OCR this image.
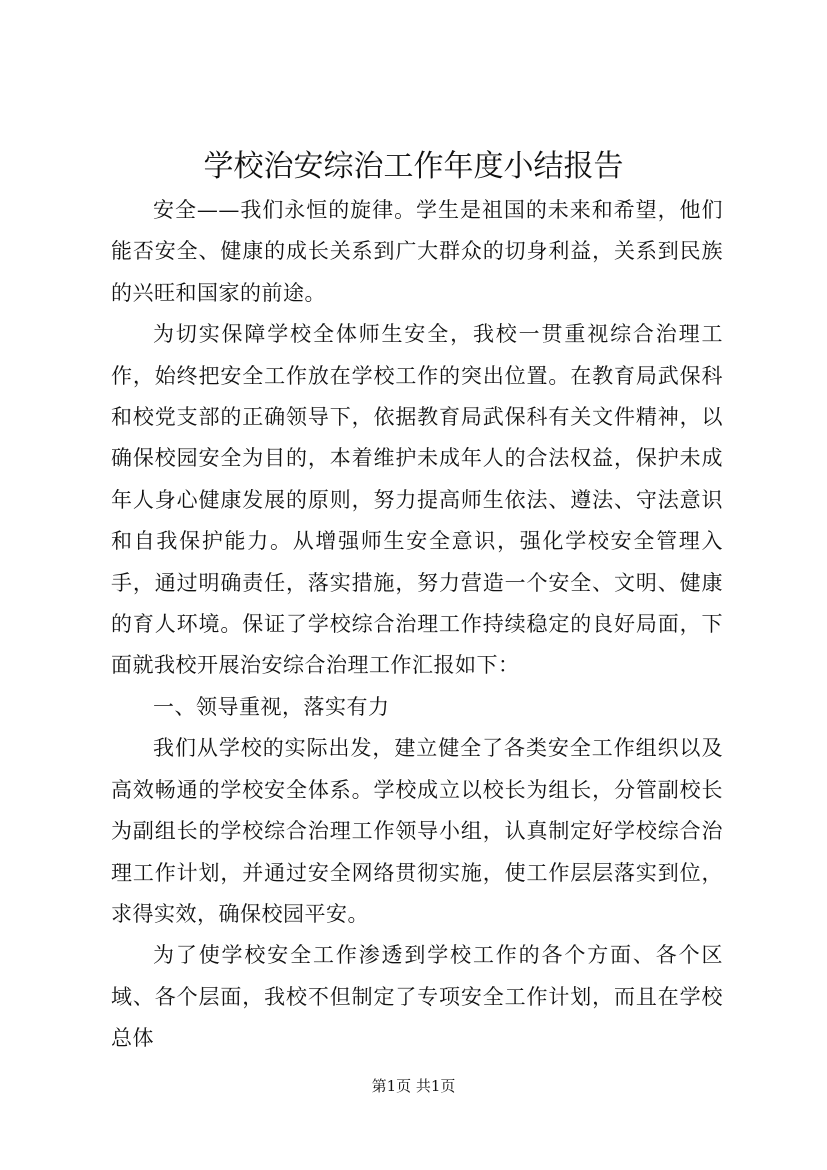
学校治安综治工作年度小结报告

安全——我们永恒的旋律。学生是祖国的未来和希望，他们能否安全、健康的成长关系到广大群众的切身利益，关系到民族的兴旺和国家的前途。

为切实保障学校全体师生安全，我校一贯重视综合治理工作，始终把安全工作放在学校工作的突出位置。在教育局武保科和校党支部的正确领导下，依据教育局武保科有关文件精神，以确保校园安全为目的，本着维护未成年人的合法权益，保护未成年人身心健康发展的原则，努力提高师生依法、遵法、守法意识和自我保护能力。从增强师生安全意识，强化学校安全管理入手，通过明确责任，落实措施，努力营造一个安全、文明、健康的育人环境。保证了学校综合治理工作持续稳定的良好局面，下面就我校开展治安综合治理工作汇报如下：

一、领导重视，落实有力

我们从学校的实际出发，建立健全了各类安全工作组织以及高效畅通的学校安全体系。学校成立以校长为组长，分管副校长为副组长的学校综合治理工作领导小组，认真制定好学校综合治理工作计划，并通过安全网络贯彻实施，使工作层层落实到位，求得实效，确保校园平安。

为了使学校安全工作渗透到学校工作的各个方面、各个区域、各个层面，我校不但制定了专项安全工作计划，而且在学校总体

第1页 共1页
